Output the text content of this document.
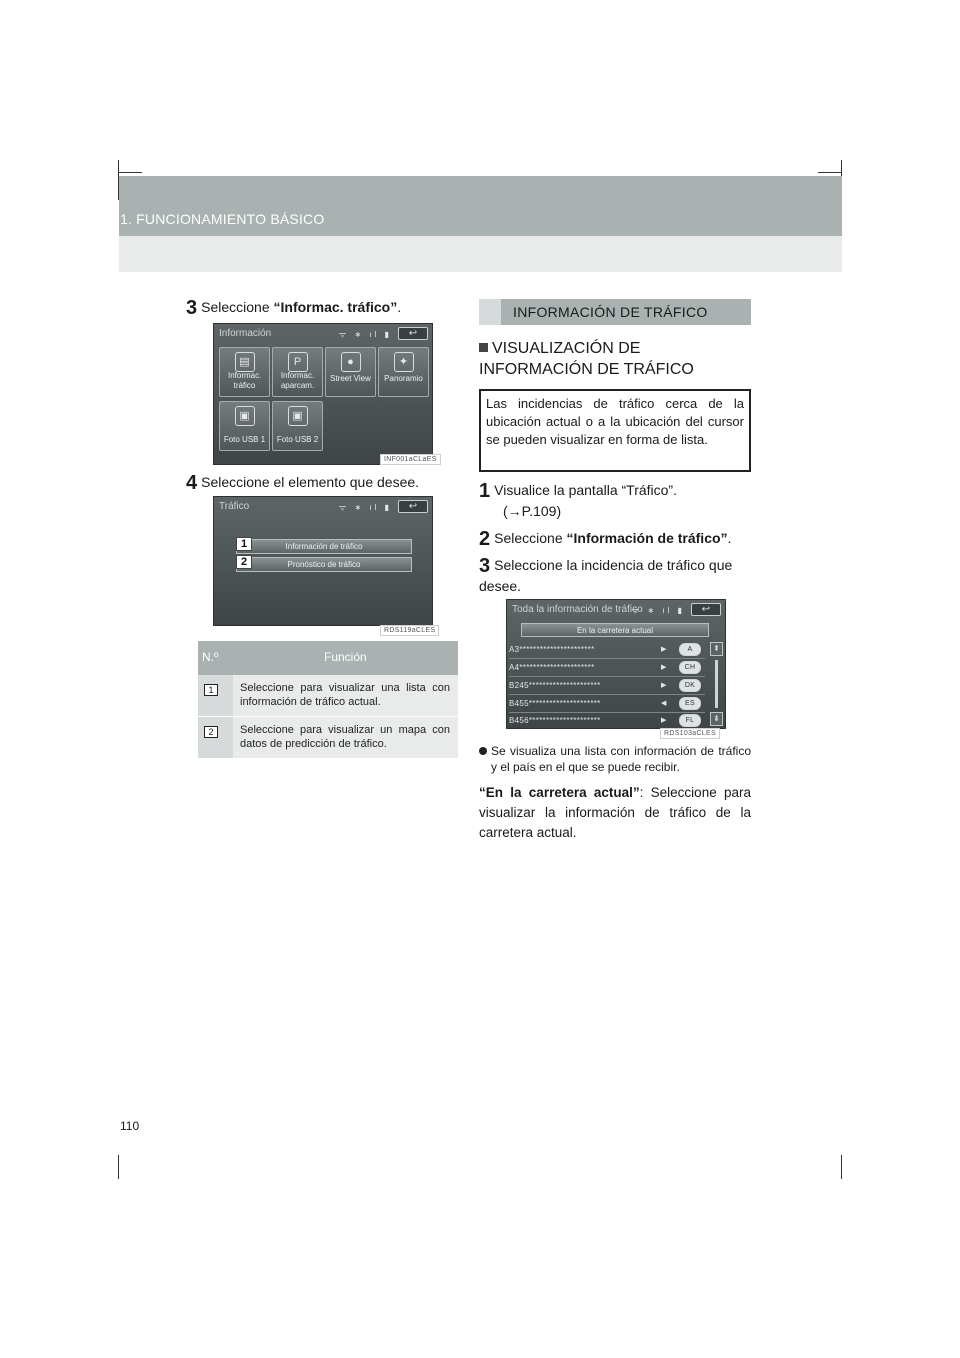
1. FUNCIONAMIENTO BÁSICO
3 Seleccione “Informac. tráfico”.
Información	ᯤ ∗ ıl ▮	↩
▤
Informac. tráfico
P
Informac. aparcam.
●
Street View
✦
Panoramio
▣
Foto USB 1
▣
Foto USB 2
INF001aCLaES
4 Seleccione el elemento que desee.
Tráfico	ᯤ ∗ ıl ▮	↩
Información de tráfico
Pronóstico de tráfico
1
2
RDS119aCLES
N.º	Función
1	Seleccione para visualizar una lista con información de tráfico actual.
2	Seleccione para visualizar un mapa con datos de predicción de tráfico.
INFORMACIÓN DE TRÁFICO
VISUALIZACIÓN DE INFORMACIÓN DE TRÁFICO
Las incidencias de tráfico cerca de la ubicación actual o a la ubicación del cursor se pueden visualizar en forma de lista.
1 Visualice la pantalla “Tráfico”.
(→P.109)
2 Seleccione “Información de tráfico”.
3 Seleccione la incidencia de tráfico que desee.
Toda la información de tráfico
ᯤ ∗ ıl ▮	↩
En la carretera actual
A3**********************	▶	A
A4**********************	▶	CH
B245*********************	▶	DK
B455*********************	◀	ES
B456*********************	▶	FL
⇞
⇟
RDS103aCLES
Se visualiza una lista con información de tráfico y el país en el que se puede recibir.
“En la carretera actual”: Seleccione para visualizar la información de tráfico de la carretera actual.
110
